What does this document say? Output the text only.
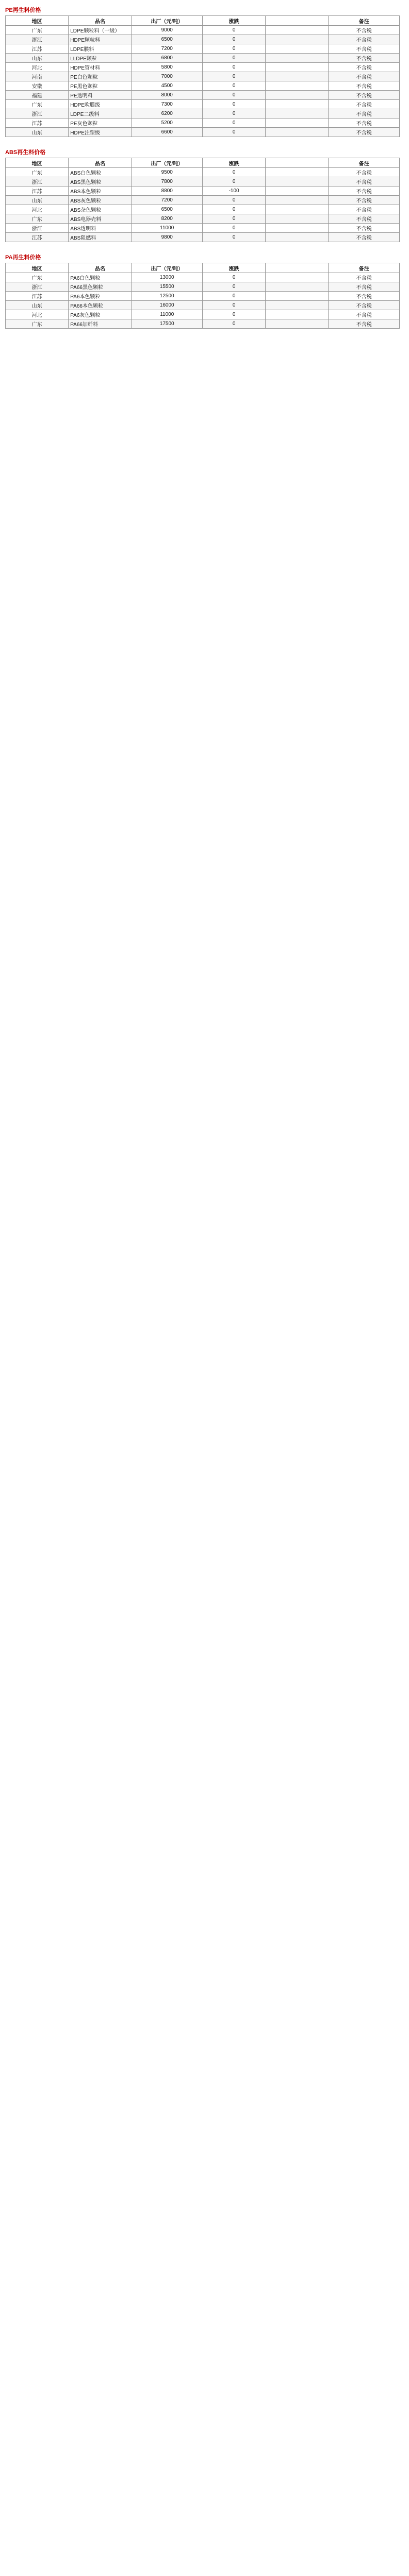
PE再生料价格
地区	品名	出厂（元/吨）	涨跌		备注
广东	LDPE颗粒料（一级）	9000	0		不含税
浙江	HDPE颗粒料	6500	0		不含税
江苏	LDPE膜料	7200	0		不含税
山东	LLDPE颗粒	6800	0		不含税
河北	HDPE管材料	5800	0		不含税
河南	PE白色颗粒	7000	0		不含税
安徽	PE黑色颗粒	4500	0		不含税
福建	PE透明料	8000	0		不含税
广东	HDPE吹膜级	7300	0		不含税
浙江	LDPE二级料	6200	0		不含税
江苏	PE灰色颗粒	5200	0		不含税
山东	HDPE注塑级	6600	0		不含税
ABS再生料价格
地区	品名	出厂（元/吨）	涨跌		备注
广东	ABS白色颗粒	9500	0		不含税
浙江	ABS黑色颗粒	7800	0		不含税
江苏	ABS本色颗粒	8800	-100		不含税
山东	ABS灰色颗粒	7200	0		不含税
河北	ABS杂色颗粒	6500	0		不含税
广东	ABS电器壳料	8200	0		不含税
浙江	ABS透明料	11000	0		不含税
江苏	ABS阻燃料	9800	0		不含税
PA再生料价格
地区	品名	出厂（元/吨）	涨跌		备注
广东	PA6白色颗粒	13000	0		不含税
浙江	PA66黑色颗粒	15500	0		不含税
江苏	PA6本色颗粒	12500	0		不含税
山东	PA66本色颗粒	16000	0		不含税
河北	PA6灰色颗粒	11000	0		不含税
广东	PA66加纤料	17500	0		不含税
